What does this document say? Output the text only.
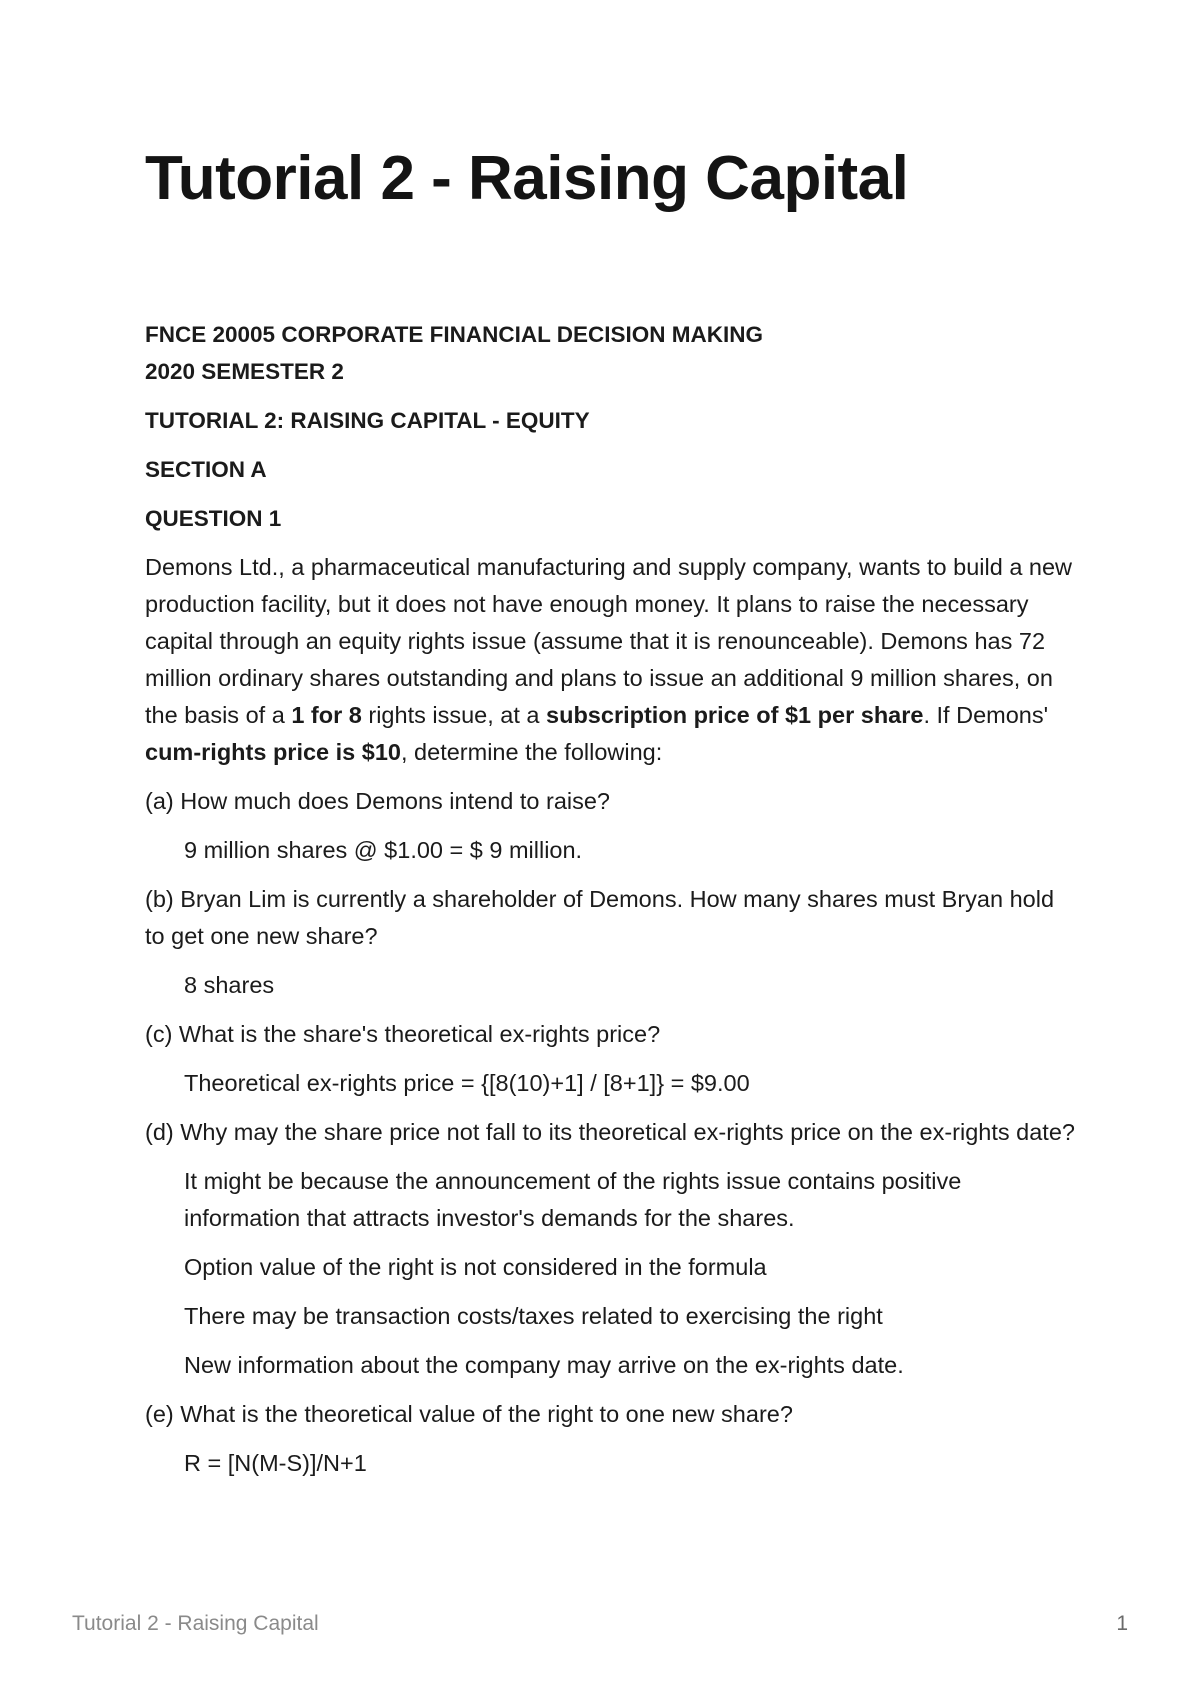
Tutorial 2 - Raising Capital

FNCE 20005 CORPORATE FINANCIAL DECISION MAKING

2020 SEMESTER 2

TUTORIAL 2: RAISING CAPITAL - EQUITY

SECTION A

QUESTION 1

Demons Ltd., a pharmaceutical manufacturing and supply company, wants to build a new production facility, but it does not have enough money. It plans to raise the necessary capital through an equity rights issue (assume that it is renounceable). Demons has 72 million ordinary shares outstanding and plans to issue an additional 9 million shares, on the basis of a 1 for 8 rights issue, at a subscription price of $1 per share. If Demons' cum-rights price is $10, determine the following:

(a) How much does Demons intend to raise?

9 million shares @ $1.00 = $ 9 million.

(b) Bryan Lim is currently a shareholder of Demons. How many shares must Bryan hold to get one new share?

8 shares

(c) What is the share's theoretical ex-rights price?

Theoretical ex-rights price = {[8(10)+1] / [8+1]} = $9.00

(d) Why may the share price not fall to its theoretical ex-rights price on the ex-rights date?

It might be because the announcement of the rights issue contains positive information that attracts investor's demands for the shares.

Option value of the right is not considered in the formula

There may be transaction costs/taxes related to exercising the right

New information about the company may arrive on the ex-rights date.

(e) What is the theoretical value of the right to one new share?

R = [N(M-S)]/N+1

Tutorial 2 - Raising Capital	1
